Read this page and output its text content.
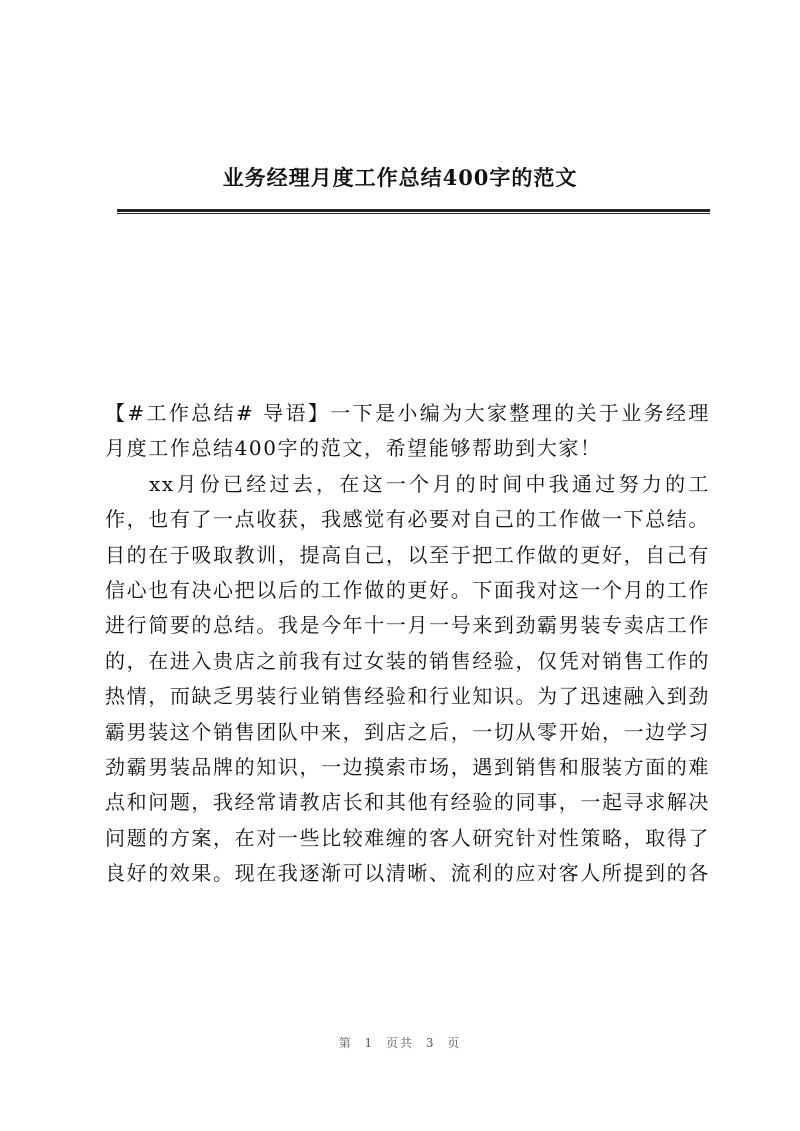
业务经理月度工作总结400字的范文

【#工作总结# 导语】一下是小编为大家整理的关于业务经理月度工作总结400字的范文，希望能够帮助到大家！

xx月份已经过去，在这一个月的时间中我通过努力的工作，也有了一点收获，我感觉有必要对自己的工作做一下总结。目的在于吸取教训，提高自己，以至于把工作做的更好，自己有信心也有决心把以后的工作做的更好。下面我对这一个月的工作进行简要的总结。我是今年十一月一号来到劲霸男装专卖店工作的，在进入贵店之前我有过女装的销售经验，仅凭对销售工作的热情，而缺乏男装行业销售经验和行业知识。为了迅速融入到劲霸男装这个销售团队中来，到店之后，一切从零开始，一边学习劲霸男装品牌的知识，一边摸索市场，遇到销售和服装方面的难点和问题，我经常请教店长和其他有经验的同事，一起寻求解决问题的方案，在对一些比较难缠的客人研究针对性策略，取得了良好的效果。现在我逐渐可以清晰、流利的应对客人所提到的各

第 1 页共 3 页
